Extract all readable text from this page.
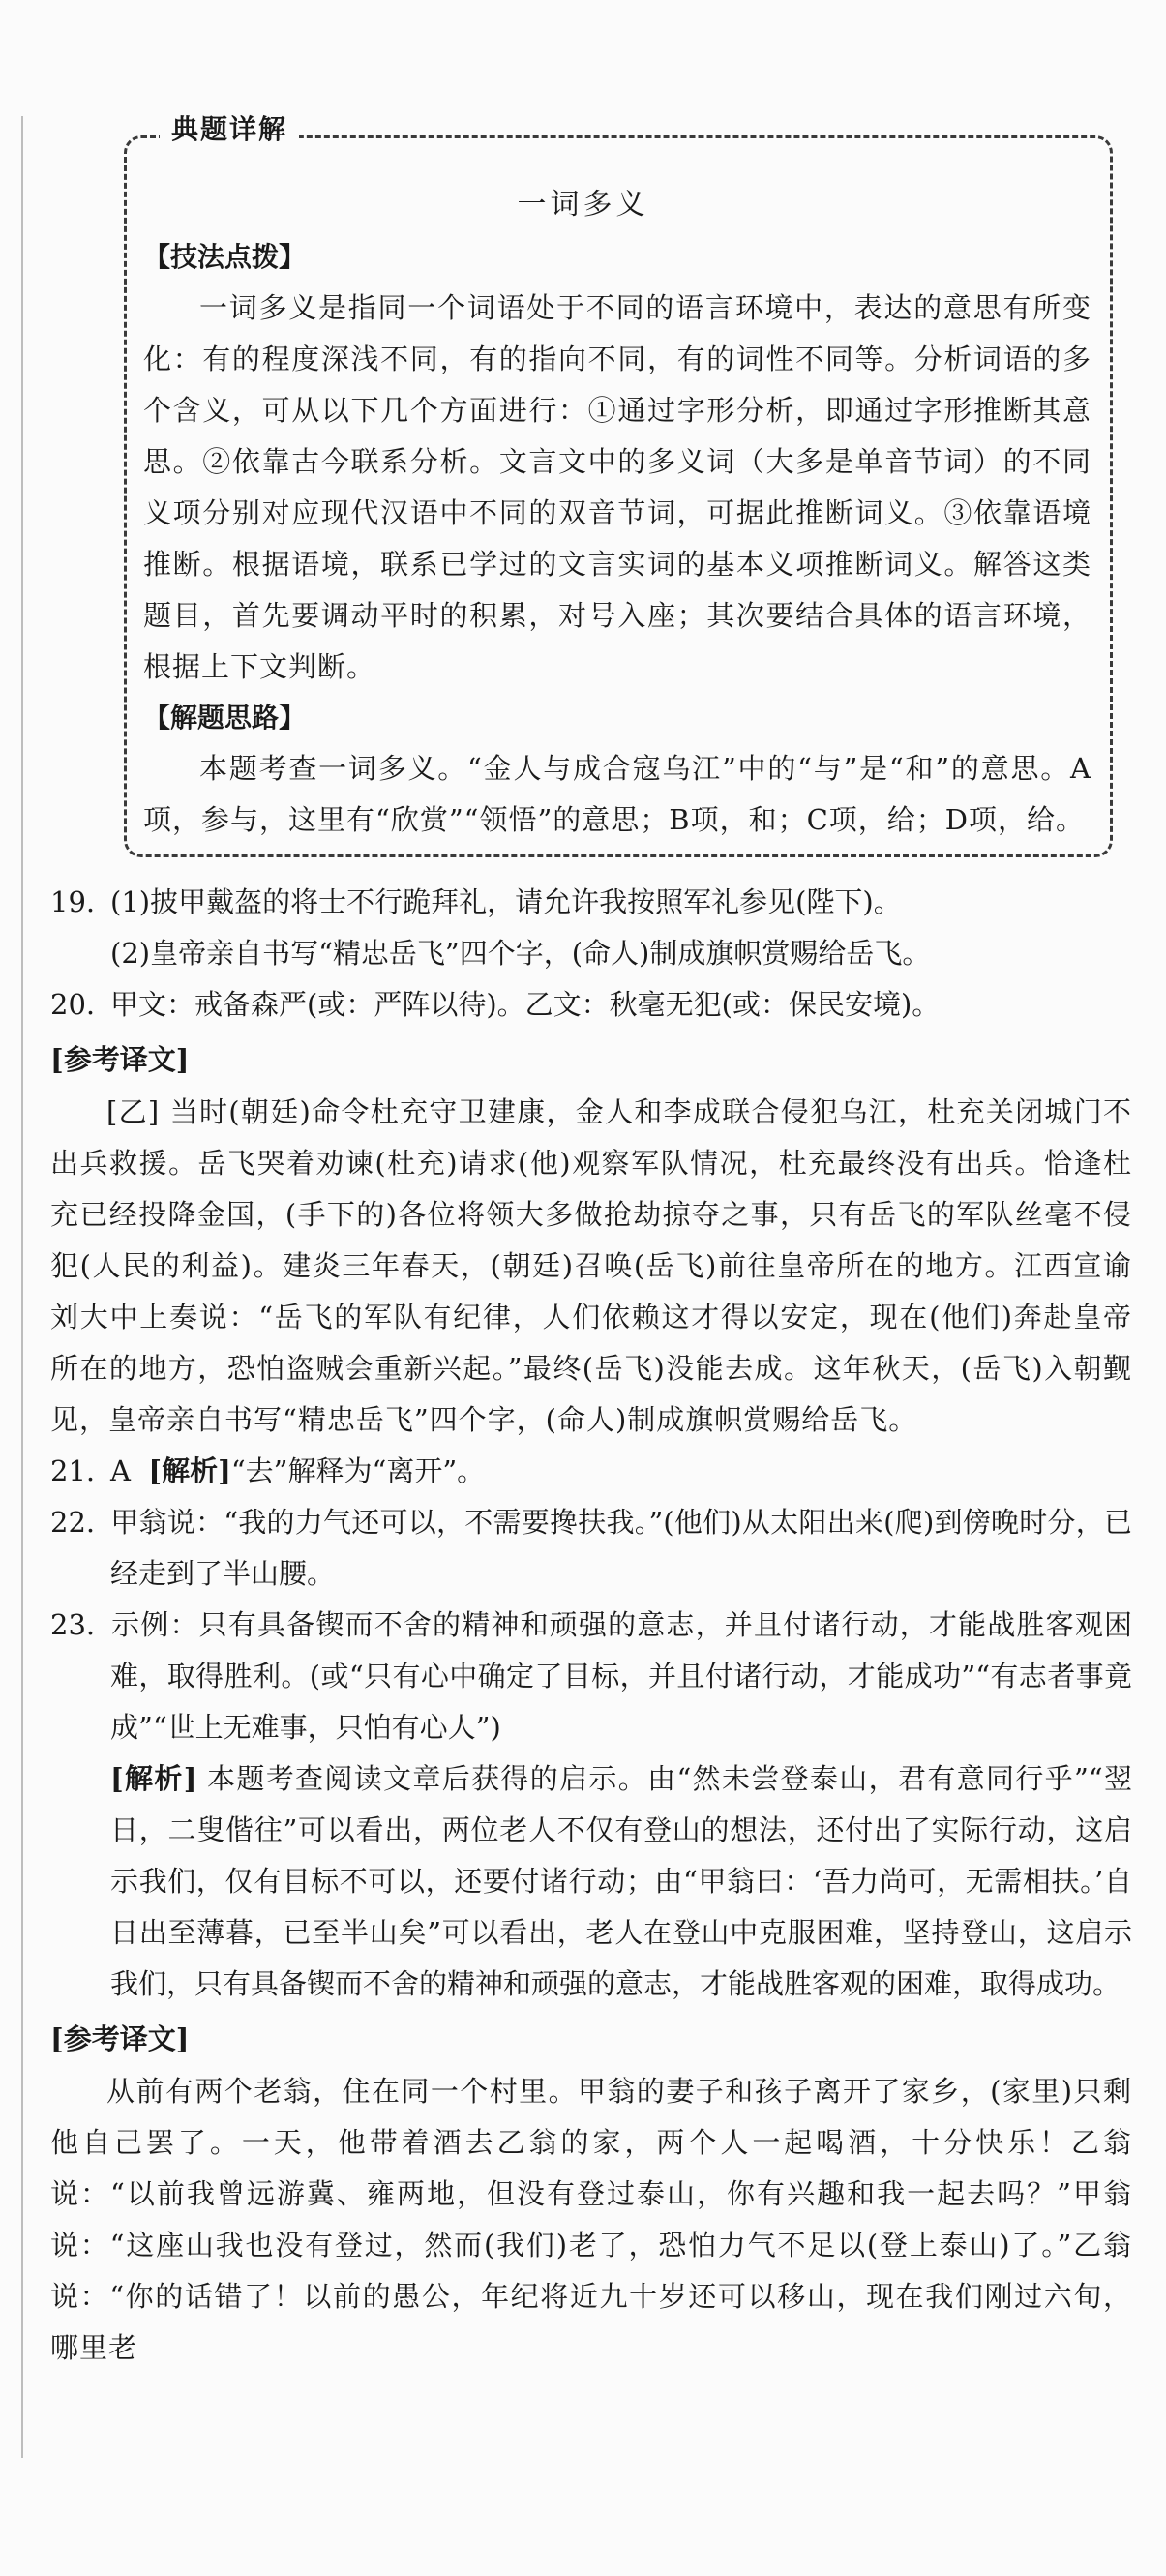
典题详解
一词多义
【技法点拨】
一词多义是指同一个词语处于不同的语言环境中，表达的意思有所变化：有的程度深浅不同，有的指向不同，有的词性不同等。分析词语的多个含义，可从以下几个方面进行：①通过字形分析，即通过字形推断其意思。②依靠古今联系分析。文言文中的多义词（大多是单音节词）的不同义项分别对应现代汉语中不同的双音节词，可据此推断词义。③依靠语境推断。根据语境，联系已学过的文言实词的基本义项推断词义。解答这类题目，首先要调动平时的积累，对号入座；其次要结合具体的语言环境，根据上下文判断。
【解题思路】
本题考查一词多义。“金人与成合寇乌江”中的“与”是“和”的意思。A项，参与，这里有“欣赏”“领悟”的意思；B项，和；C项，给；D项，给。
19. (1)披甲戴盔的将士不行跪拜礼，请允许我按照军礼参见(陛下)。
(2)皇帝亲自书写“精忠岳飞”四个字，(命人)制成旗帜赏赐给岳飞。
20. 甲文：戒备森严(或：严阵以待)。乙文：秋毫无犯(或：保民安境)。
[参考译文]
[乙] 当时(朝廷)命令杜充守卫建康，金人和李成联合侵犯乌江，杜充关闭城门不出兵救援。岳飞哭着劝谏(杜充)请求(他)观察军队情况，杜充最终没有出兵。恰逢杜充已经投降金国，(手下的)各位将领大多做抢劫掠夺之事，只有岳飞的军队丝毫不侵犯(人民的利益)。建炎三年春天，(朝廷)召唤(岳飞)前往皇帝所在的地方。江西宣谕刘大中上奏说：“岳飞的军队有纪律，人们依赖这才得以安定，现在(他们)奔赴皇帝所在的地方，恐怕盗贼会重新兴起。”最终(岳飞)没能去成。这年秋天，(岳飞)入朝觐见，皇帝亲自书写“精忠岳飞”四个字，(命人)制成旗帜赏赐给岳飞。
21. A [解析]“去”解释为“离开”。
22. 甲翁说：“我的力气还可以，不需要搀扶我。”(他们)从太阳出来(爬)到傍晚时分，已经走到了半山腰。
23. 示例：只有具备锲而不舍的精神和顽强的意志，并且付诸行动，才能战胜客观困难，取得胜利。(或“只有心中确定了目标，并且付诸行动，才能成功”“有志者事竟成”“世上无难事，只怕有心人”)
[解析] 本题考查阅读文章后获得的启示。由“然未尝登泰山，君有意同行乎”“翌日，二叟偕往”可以看出，两位老人不仅有登山的想法，还付出了实际行动，这启示我们，仅有目标不可以，还要付诸行动；由“甲翁曰：‘吾力尚可，无需相扶。’自日出至薄暮，已至半山矣”可以看出，老人在登山中克服困难，坚持登山，这启示我们，只有具备锲而不舍的精神和顽强的意志，才能战胜客观的困难，取得成功。
[参考译文]
从前有两个老翁，住在同一个村里。甲翁的妻子和孩子离开了家乡，(家里)只剩他自己罢了。一天，他带着酒去乙翁的家，两个人一起喝酒，十分快乐！乙翁说：“以前我曾远游冀、雍两地，但没有登过泰山，你有兴趣和我一起去吗？”甲翁说：“这座山我也没有登过，然而(我们)老了，恐怕力气不足以(登上泰山)了。”乙翁说：“你的话错了！以前的愚公，年纪将近九十岁还可以移山，现在我们刚过六旬，哪里老
